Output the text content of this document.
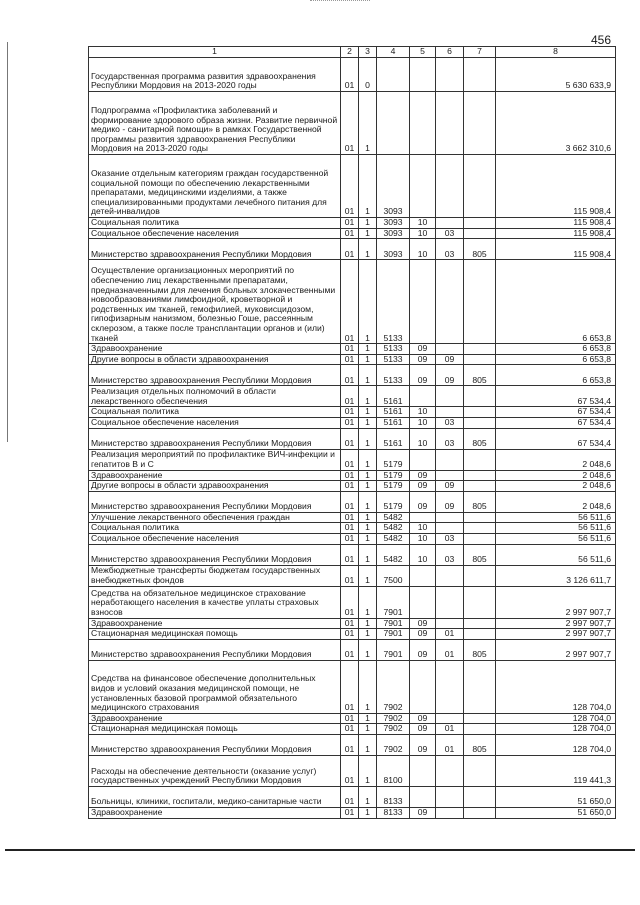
456
1	2	3	4	5	6	7	8
Государственная программа развития здравоохранения Республики Мордовия на 2013-2020 годы	01	0					5 630 633,9
Подпрограмма «Профилактика заболеваний и формирование здорового образа жизни. Развитие первичной медико - санитарной помощи» в рамках Государственной программы развития здравоохранения Республики Мордовия на 2013-2020 годы	01	1					3 662 310,6
Оказание отдельным категориям граждан государственной социальной помощи по обеспечению лекарственными препаратами, медицинскими изделиями, а также специализированными продуктами лечебного питания для детей-инвалидов	01	1	3093				115 908,4
Социальная политика	01	1	3093	10			115 908,4
Социальное обеспечение населения	01	1	3093	10	03		115 908,4
Министерство здравоохранения Республики Мордовия	01	1	3093	10	03	805	115 908,4
Осуществление организационных мероприятий по обеспечению лиц лекарственными препаратами, предназначенными для лечения больных злокачественными новообразованиями лимфоидной, кроветворной и родственных им тканей, гемофилией, муковисцидозом, гипофизарным нанизмом, болезнью Гоше, рассеянным склерозом, а также после трансплантации органов и (или) тканей	01	1	5133				6 653,8
Здравоохранение	01	1	5133	09			6 653,8
Другие вопросы в области здравоохранения	01	1	5133	09	09		6 653,8
Министерство здравоохранения Республики Мордовия	01	1	5133	09	09	805	6 653,8
Реализация отдельных полномочий в области лекарственного обеспечения	01	1	5161				67 534,4
Социальная политика	01	1	5161	10			67 534,4
Социальное обеспечение населения	01	1	5161	10	03		67 534,4
Министерство здравоохранения Республики Мордовия	01	1	5161	10	03	805	67 534,4
Реализация мероприятий по профилактике ВИЧ-инфекции и гепатитов B и C	01	1	5179				2 048,6
Здравоохранение	01	1	5179	09			2 048,6
Другие вопросы в области здравоохранения	01	1	5179	09	09		2 048,6
Министерство здравоохранения Республики Мордовия	01	1	5179	09	09	805	2 048,6
Улучшение лекарственного обеспечения граждан	01	1	5482				56 511,6
Социальная политика	01	1	5482	10			56 511,6
Социальное обеспечение населения	01	1	5482	10	03		56 511,6
Министерство здравоохранения Республики Мордовия	01	1	5482	10	03	805	56 511,6
Межбюджетные трансферты бюджетам государственных внебюджетных фондов	01	1	7500				3 126 611,7
Средства на обязательное медицинское страхование неработающего населения в качестве уплаты страховых взносов	01	1	7901				2 997 907,7
Здравоохранение	01	1	7901	09			2 997 907,7
Стационарная медицинская помощь	01	1	7901	09	01		2 997 907,7
Министерство здравоохранения Республики Мордовия	01	1	7901	09	01	805	2 997 907,7
Средства на финансовое обеспечение дополнительных видов и условий оказания медицинской помощи, не установленных базовой программой обязательного медицинского страхования	01	1	7902				128 704,0
Здравоохранение	01	1	7902	09			128 704,0
Стационарная медицинская помощь	01	1	7902	09	01		128 704,0
Министерство здравоохранения Республики Мордовия	01	1	7902	09	01	805	128 704,0
Расходы на обеспечение деятельности (оказание услуг) государственных учреждений Республики Мордовия	01	1	8100				119 441,3
Больницы, клиники, госпитали, медико-санитарные части	01	1	8133				51 650,0
Здравоохранение	01	1	8133	09			51 650,0
